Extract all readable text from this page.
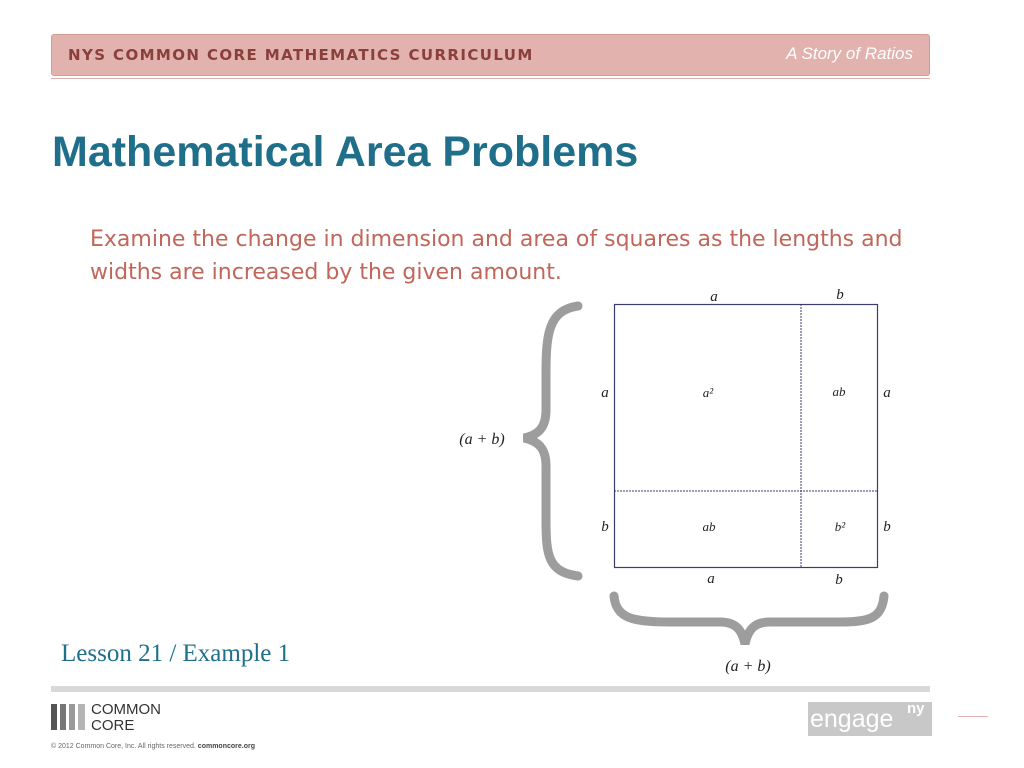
NYS COMMON CORE MATHEMATICS CURRICULUM	A Story of Ratios
Mathematical Area Problems
Examine the change in dimension and area of squares as the lengths and widths are increased by the given amount.
a	b
a	b
a
b
a
b
a²	ab
ab	b²
(a + b)
(a + b)
Lesson 21 / Example 1
COMMON
CORE
© 2012 Common Core, Inc. All rights reserved. commoncore.org
engage ny
